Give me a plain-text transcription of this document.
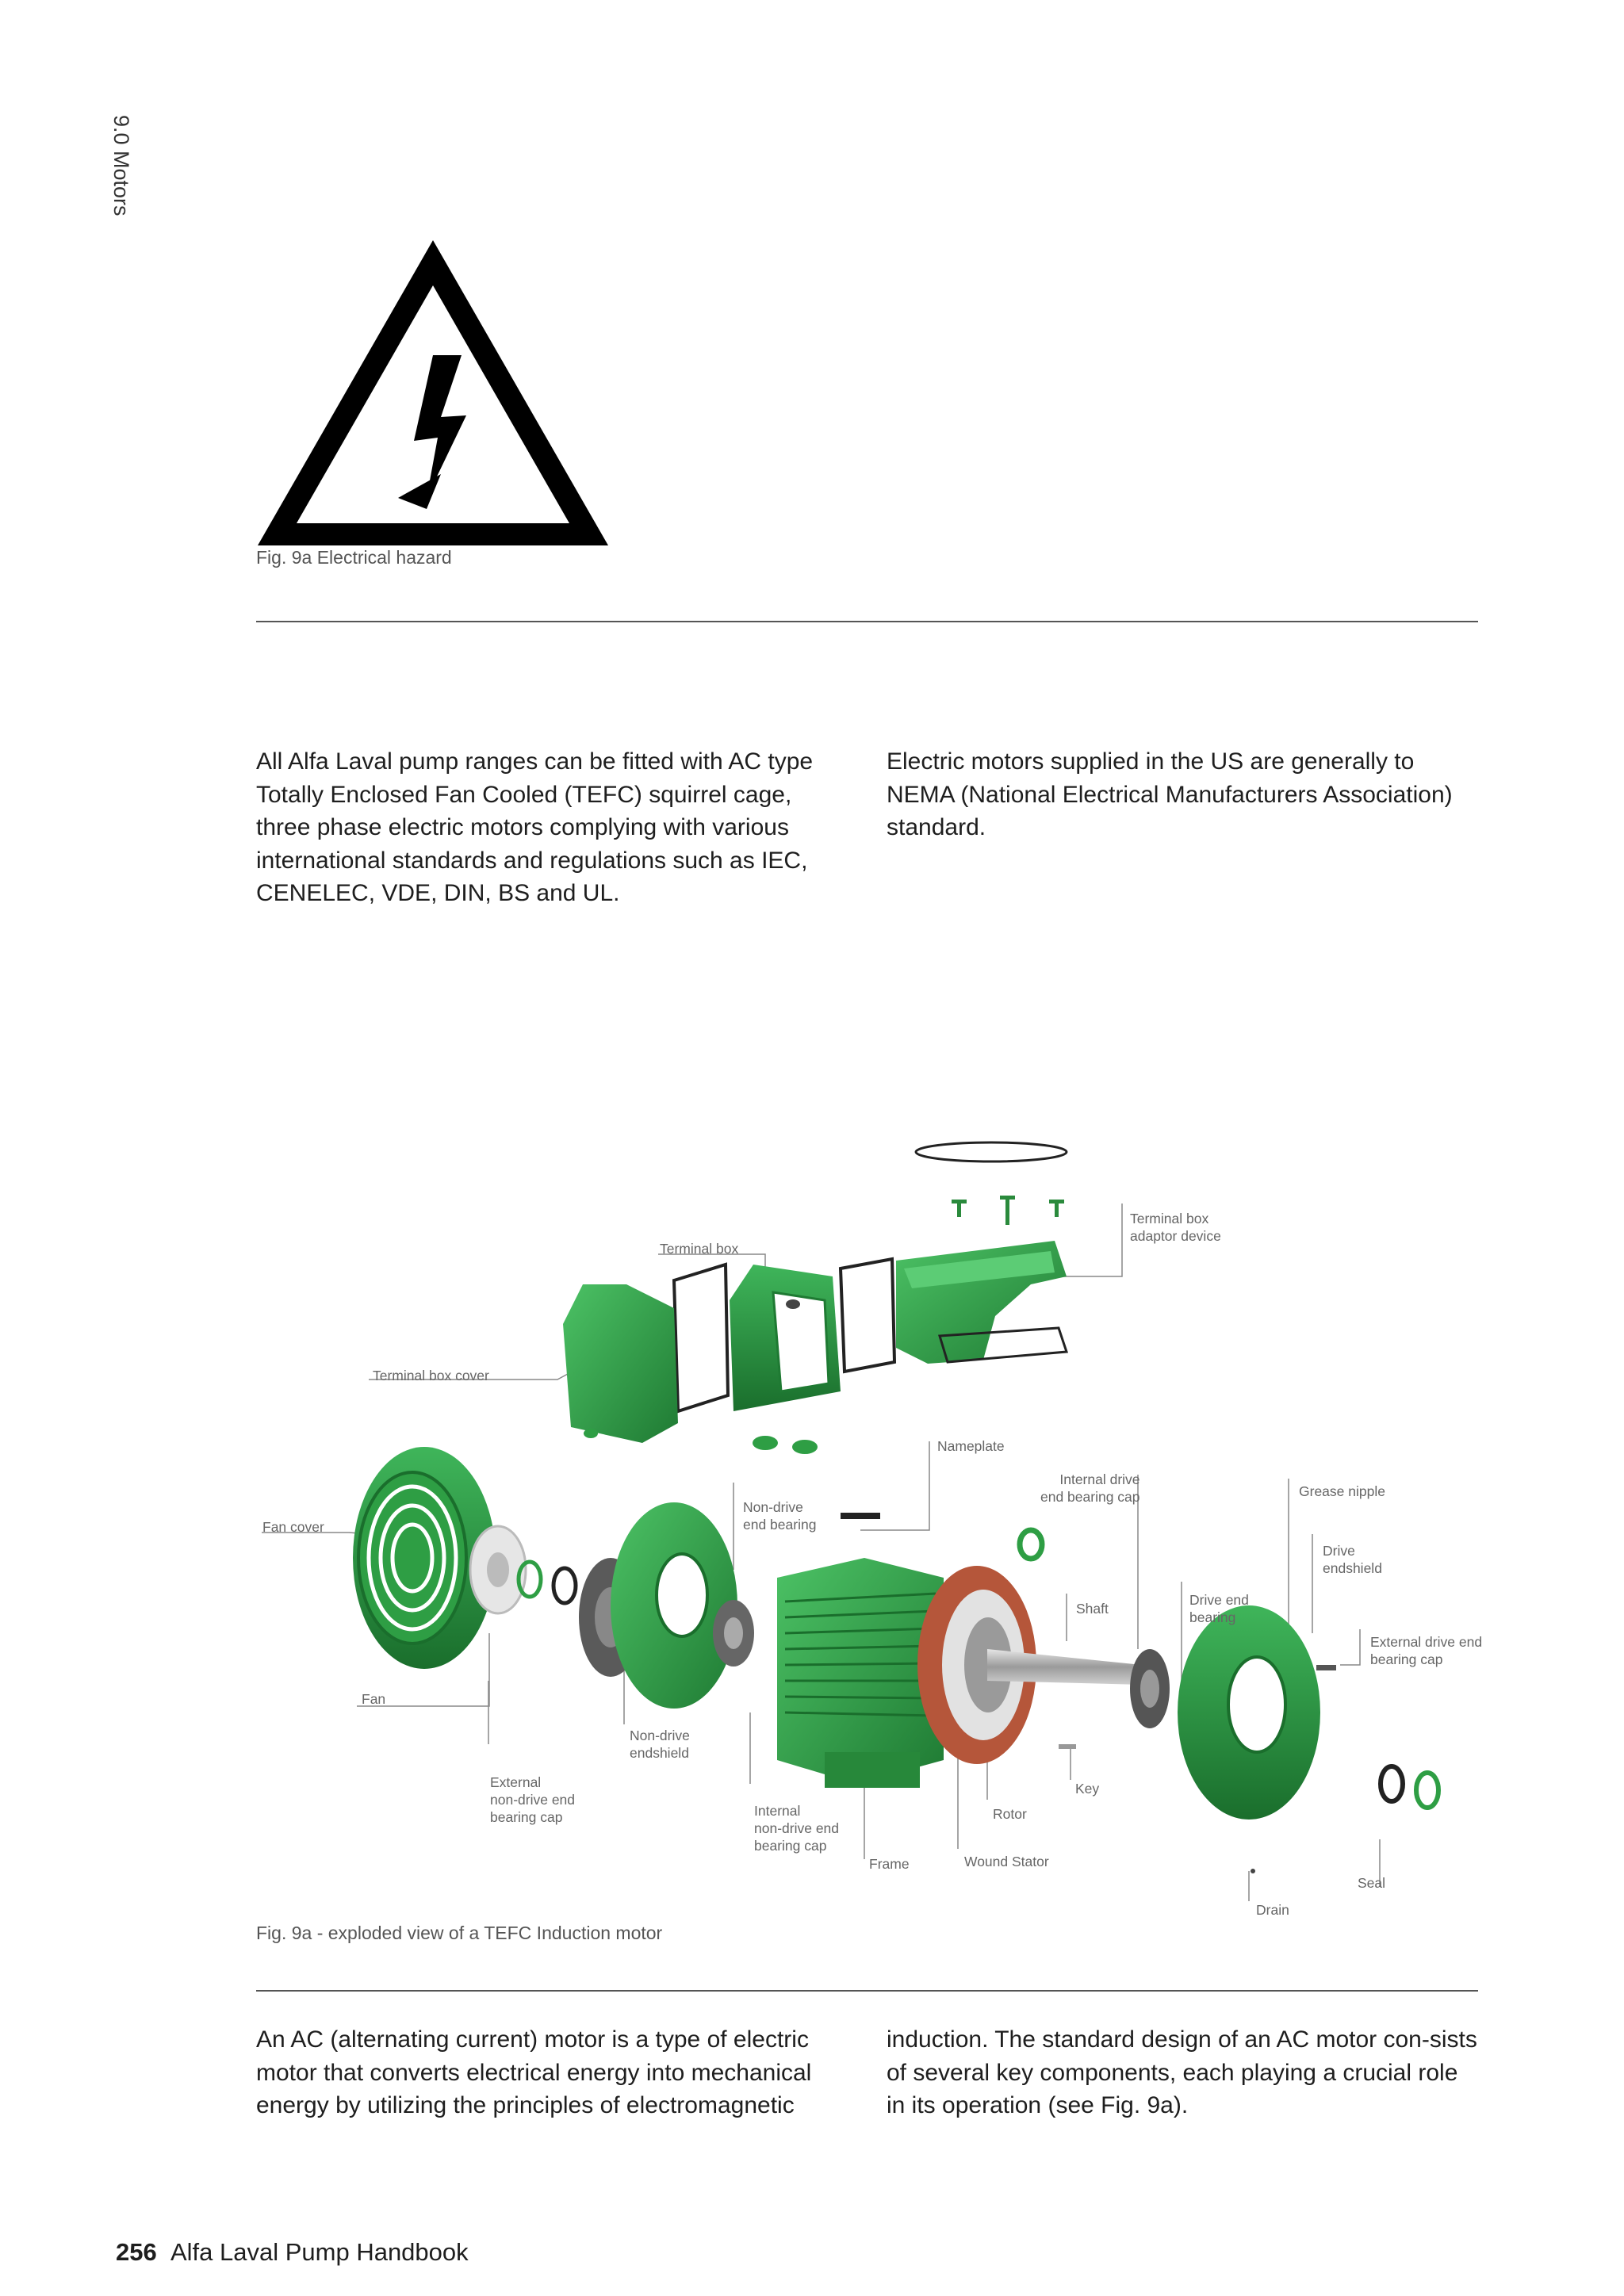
9.0 Motors
Fig. 9a Electrical hazard
All Alfa Laval pump ranges can be fitted with AC type Totally Enclosed Fan Cooled (TEFC) squirrel cage, three phase electric motors complying with various international standards and regulations such as IEC, CENELEC, VDE, DIN, BS and UL.
Electric motors supplied in the US are generally to NEMA (National Electrical Manufacturers Association) standard.
Terminal box
Terminal box
adaptor device
Terminal box cover
Nameplate
Internal drive
end bearing cap	Grease nipple
Fan cover
Non-drive
end bearing
Drive
endshield
Shaft
Drive end
bearing
External drive end
bearing cap
Fan
Non-drive
endshield
Key
External
non-drive end
bearing cap	Internal
non-drive end
bearing cap
Rotor
Frame	Wound Stator
Seal
Drain
Fig. 9a - exploded view of a TEFC Induction motor
An AC (alternating current) motor is a type of electric motor that converts electrical energy into mechanical energy by utilizing the principles of electromagnetic
induction. The standard design of an AC motor con-sists of several key components, each playing a crucial role in its operation (see Fig. 9a).
256 Alfa Laval Pump Handbook
